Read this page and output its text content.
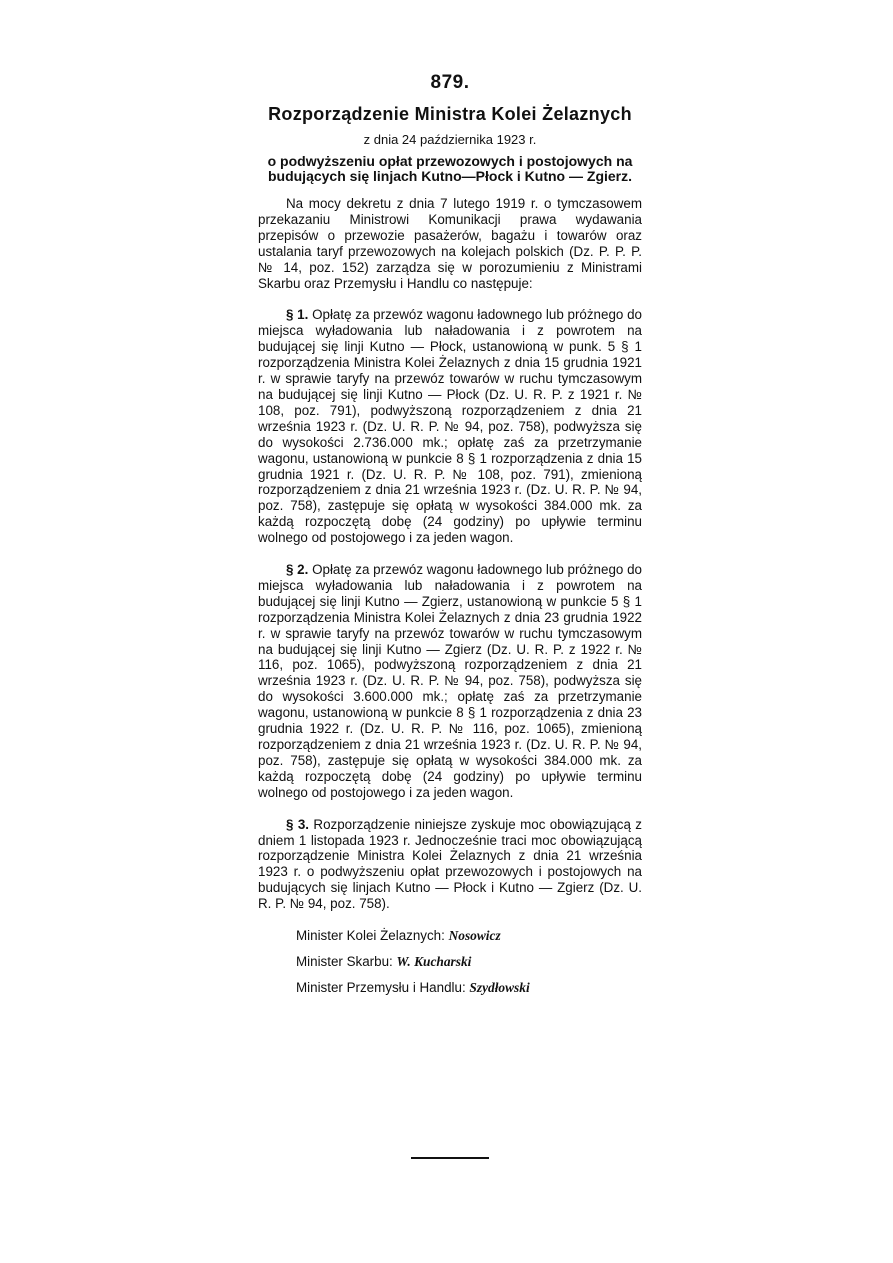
879.
Rozporządzenie Ministra Kolei Żelaznych
z dnia 24 października 1923 r.
o podwyższeniu opłat przewozowych i postojowych na budujących się linjach Kutno—Płock i Kutno — Zgierz.

Na mocy dekretu z dnia 7 lutego 1919 r. o tymczasowem przekazaniu Ministrowi Komunikacji prawa wydawania przepisów o przewozie pasażerów, bagażu i towarów oraz ustalania taryf przewozowych na kolejach polskich (Dz. P. P. P. № 14, poz. 152) zarządza się w porozumieniu z Ministrami Skarbu oraz Przemysłu i Handlu co następuje:

§ 1. Opłatę za przewóz wagonu ładownego lub próżnego do miejsca wyładowania lub naładowania i z powrotem na budującej się linji Kutno — Płock, ustanowioną w punk. 5 § 1 rozporządzenia Ministra Kolei Żelaznych z dnia 15 grudnia 1921 r. w sprawie taryfy na przewóz towarów w ruchu tymczasowym na budującej się linji Kutno — Płock (Dz. U. R. P. z 1921 r. № 108, poz. 791), podwyższoną rozporządzeniem z dnia 21 września 1923 r. (Dz. U. R. P. № 94, poz. 758), podwyższa się do wysokości 2.736.000 mk.; opłatę zaś za przetrzymanie wagonu, ustanowioną w punkcie 8 § 1 rozporządzenia z dnia 15 grudnia 1921 r. (Dz. U. R. P. № 108, poz. 791), zmienioną rozporządzeniem z dnia 21 września 1923 r. (Dz. U. R. P. № 94, poz. 758), zastępuje się opłatą w wysokości 384.000 mk. za każdą rozpoczętą dobę (24 godziny) po upływie terminu wolnego od postojowego i za jeden wagon.

§ 2. Opłatę za przewóz wagonu ładownego lub próżnego do miejsca wyładowania lub naładowania i z powrotem na budującej się linji Kutno — Zgierz, ustanowioną w punkcie 5 § 1 rozporządzenia Ministra Kolei Żelaznych z dnia 23 grudnia 1922 r. w sprawie taryfy na przewóz towarów w ruchu tymczasowym na budującej się linji Kutno — Zgierz (Dz. U. R. P. z 1922 r. № 116, poz. 1065), podwyższoną rozporządzeniem z dnia 21 września 1923 r. (Dz. U. R. P. № 94, poz. 758), podwyższa się do wysokości 3.600.000 mk.; opłatę zaś za przetrzymanie wagonu, ustanowioną w punkcie 8 § 1 rozporządzenia z dnia 23 grudnia 1922 r. (Dz. U. R. P. № 116, poz. 1065), zmienioną rozporządzeniem z dnia 21 września 1923 r. (Dz. U. R. P. № 94, poz. 758), zastępuje się opłatą w wysokości 384.000 mk. za każdą rozpoczętą dobę (24 godziny) po upływie terminu wolnego od postojowego i za jeden wagon.

§ 3. Rozporządzenie niniejsze zyskuje moc obowiązującą z dniem 1 listopada 1923 r. Jednocześnie traci moc obowiązującą rozporządzenie Ministra Kolei Żelaznych z dnia 21 września 1923 r. o podwyższeniu opłat przewozowych i postojowych na budujących się linjach Kutno — Płock i Kutno — Zgierz (Dz. U. R. P. № 94, poz. 758).

Minister Kolei Żelaznych: Nosowicz
Minister Skarbu: W. Kucharski
Minister Przemysłu i Handlu: Szydłowski
